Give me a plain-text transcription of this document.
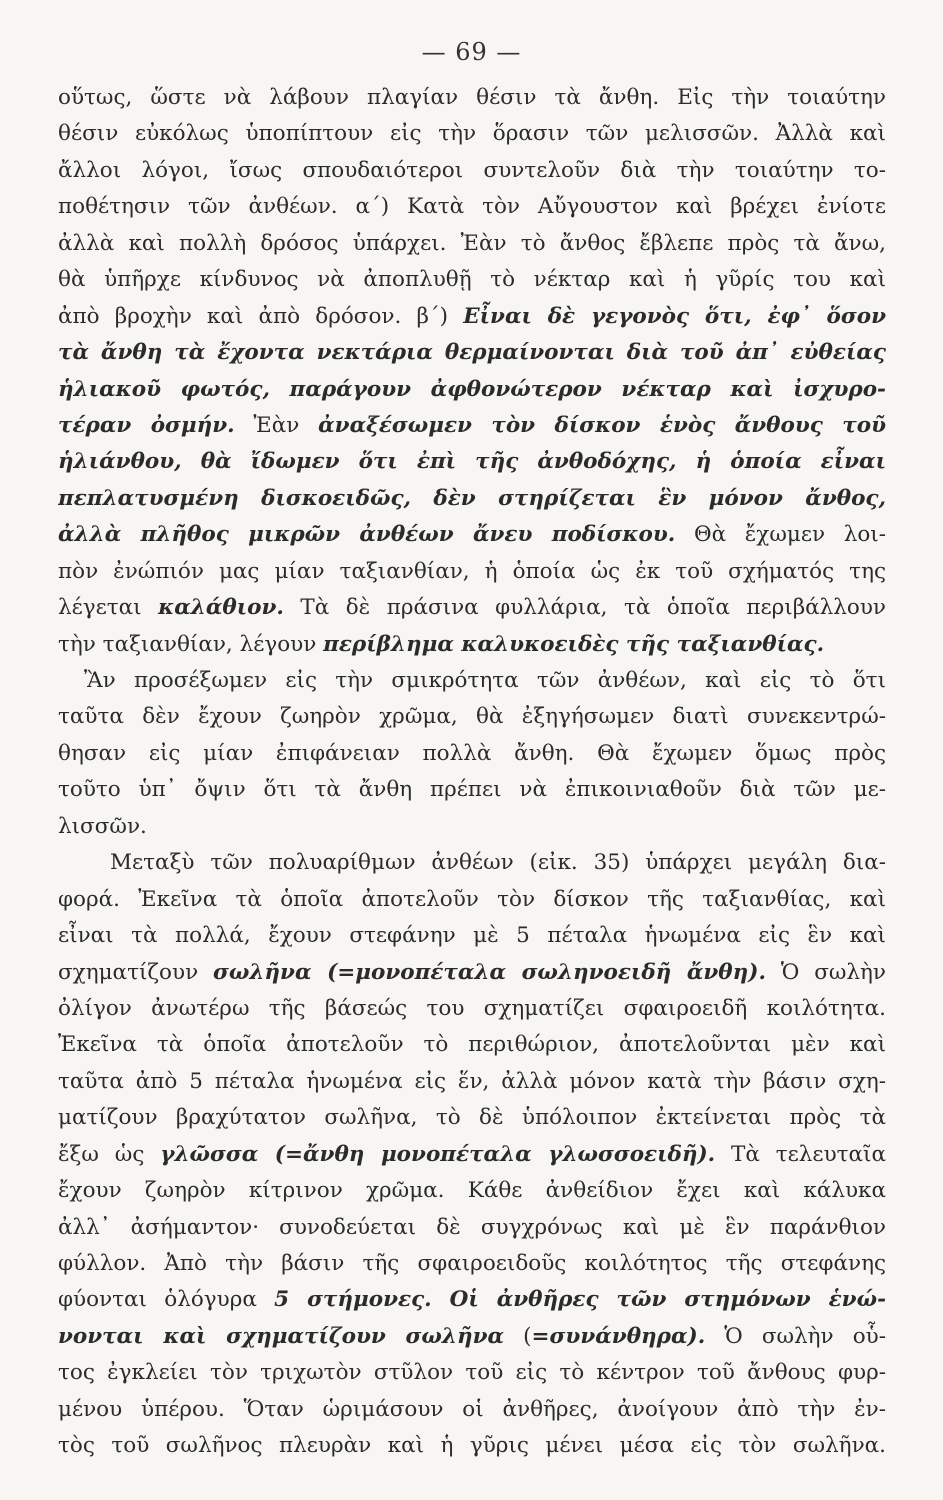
— 69 —
οὕτως, ὥστε νὰ λάβουν πλαγίαν θέσιν τὰ ἄνθη. Εἰς τὴν τοιαύτην
θέσιν εὐκόλως ὑποπίπτουν εἰς τὴν ὅρασιν τῶν μελισσῶν. Ἀλλὰ καὶ
ἄλλοι λόγοι, ἴσως σπουδαιότεροι συντελοῦν διὰ τὴν τοιαύτην το-
ποθέτησιν τῶν ἀνθέων. α΄) Κατὰ τὸν Αὔγουστον καὶ βρέχει ἐνίοτε
ἀλλὰ καὶ πολλὴ δρόσος ὑπάρχει. Ἐὰν τὸ ἄνθος ἔβλεπε πρὸς τὰ ἄνω,
θὰ ὑπῆρχε κίνδυνος νὰ ἀποπλυθῇ τὸ νέκταρ καὶ ἡ γῦρίς του καὶ
ἀπὸ βροχὴν καὶ ἀπὸ δρόσον. β΄) Εἶναι δὲ γεγονὸς ὅτι, ἐφ᾽ ὅσον
τὰ ἄνθη τὰ ἔχοντα νεκτάρια θερμαίνονται διὰ τοῦ ἀπ᾽ εὐθείας
ἡλιακοῦ φωτός, παράγουν ἀφθονώτερον νέκταρ καὶ ἰσχυρο-
τέραν ὀσμήν. Ἐὰν ἀναξέσωμεν τὸν δίσκον ἑνὸς ἄνθους τοῦ
ἡλιάνθου, θὰ ἴδωμεν ὅτι ἐπὶ τῆς ἀνθοδόχης, ἡ ὁποία εἶναι
πεπλατυσμένη δισκοειδῶς, δὲν στηρίζεται ἓν μόνον ἄνθος,
ἀλλὰ πλῆθος μικρῶν ἀνθέων ἄνευ ποδίσκου. Θὰ ἔχωμεν λοι-
πὸν ἐνώπιόν μας μίαν ταξιανθίαν, ἡ ὁποία ὡς ἐκ τοῦ σχήματός της
λέγεται καλάθιον. Τὰ δὲ πράσινα φυλλάρια, τὰ ὁποῖα περιβάλλουν
τὴν ταξιανθίαν, λέγουν περίβλημα καλυκοειδὲς τῆς ταξιανθίας.
Ἂν προσέξωμεν εἰς τὴν σμικρότητα τῶν ἀνθέων, καὶ εἰς τὸ ὅτι
ταῦτα δὲν ἔχουν ζωηρὸν χρῶμα, θὰ ἐξηγήσωμεν διατὶ συνεκεντρώ-
θησαν εἰς μίαν ἐπιφάνειαν πολλὰ ἄνθη. Θὰ ἔχωμεν ὅμως πρὸς
τοῦτο ὑπ᾽ ὄψιν ὅτι τὰ ἄνθη πρέπει νὰ ἐπικοινιαθοῦν διὰ τῶν με-
λισσῶν.
Μεταξὺ τῶν πολυαρίθμων ἀνθέων (εἰκ. 35) ὑπάρχει μεγάλη δια-
φορά. Ἐκεῖνα τὰ ὁποῖα ἀποτελοῦν τὸν δίσκον τῆς ταξιανθίας, καὶ
εἶναι τὰ πολλά, ἔχουν στεφάνην μὲ 5 πέταλα ἡνωμένα εἰς ἓν καὶ
σχηματίζουν σωλῆνα (=μονοπέταλα σωληνοειδῆ ἄνθη). Ὁ σωλὴν
ὀλίγον ἀνωτέρω τῆς βάσεώς του σχηματίζει σφαιροειδῆ κοιλότητα.
Ἐκεῖνα τὰ ὁποῖα ἀποτελοῦν τὸ περιθώριον, ἀποτελοῦνται μὲν καὶ
ταῦτα ἀπὸ 5 πέταλα ἡνωμένα εἰς ἕν, ἀλλὰ μόνον κατὰ τὴν βάσιν σχη-
ματίζουν βραχύτατον σωλῆνα, τὸ δὲ ὑπόλοιπον ἐκτείνεται πρὸς τὰ
ἔξω ὡς γλῶσσα (=ἄνθη μονοπέταλα γλωσσοειδῆ). Τὰ τελευταῖα
ἔχουν ζωηρὸν κίτρινον χρῶμα. Κάθε ἀνθείδιον ἔχει καὶ κάλυκα
ἀλλ᾽ ἀσήμαντον· συνοδεύεται δὲ συγχρόνως καὶ μὲ ἓν παράνθιον
φύλλον. Ἀπὸ τὴν βάσιν τῆς σφαιροειδοῦς κοιλότητος τῆς στεφάνης
φύονται ὁλόγυρα 5 στήμονες. Οἱ ἀνθῆρες τῶν στημόνων ἑνώ-
νονται καὶ σχηματίζουν σωλῆνα (=συνάνθηρα). Ὁ σωλὴν οὗ-
τος ἐγκλείει τὸν τριχωτὸν στῦλον τοῦ εἰς τὸ κέντρον τοῦ ἄνθους φυρ-
μένου ὑπέρου. Ὅταν ὡριμάσουν οἱ ἀνθῆρες, ἀνοίγουν ἀπὸ τὴν ἐν-
τὸς τοῦ σωλῆνος πλευρὰν καὶ ἡ γῦρις μένει μέσα εἰς τὸν σωλῆνα.
